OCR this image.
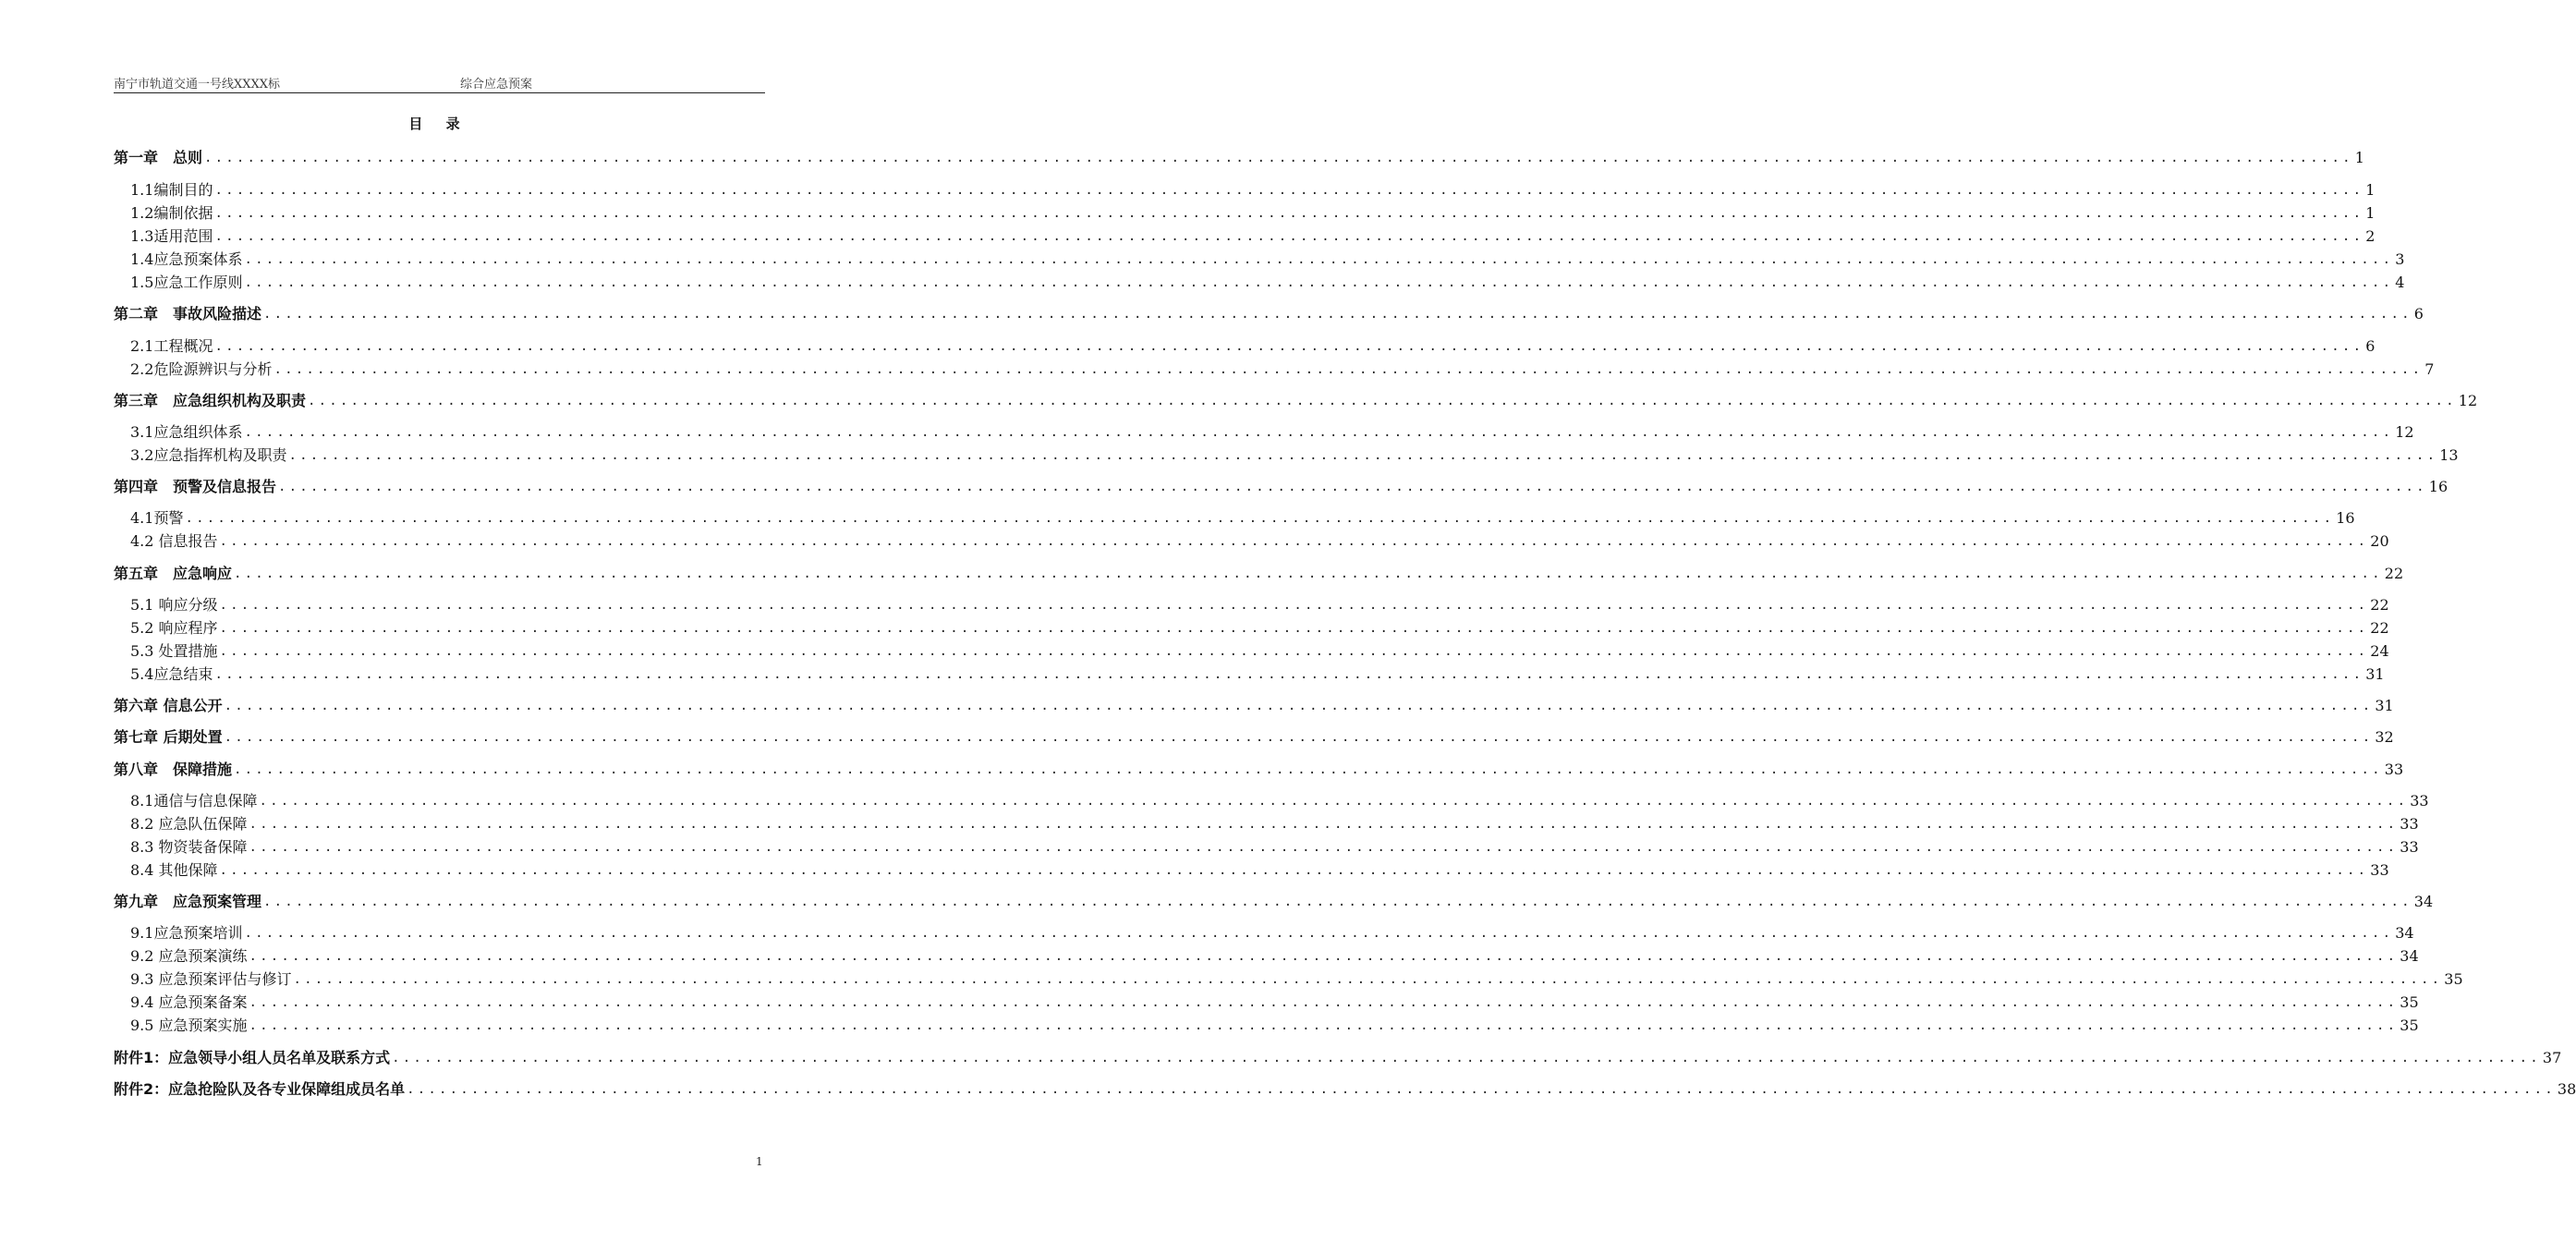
南宁市轨道交通一号线XXXX标	综合应急预案
目 录
第一章　总则 ........................................................................................................................................................................................................ 1
1.1编制目的 ........................................................................................................................................................................................................ 1
1.2编制依据 ........................................................................................................................................................................................................ 1
1.3适用范围 ........................................................................................................................................................................................................ 2
1.4应急预案体系 ........................................................................................................................................................................................................ 3
1.5应急工作原则 ........................................................................................................................................................................................................ 4
第二章　事故风险描述 ........................................................................................................................................................................................................ 6
2.1工程概况 ........................................................................................................................................................................................................ 6
2.2危险源辨识与分析 ........................................................................................................................................................................................................ 7
第三章　应急组织机构及职责 ........................................................................................................................................................................................................ 12
3.1应急组织体系 ........................................................................................................................................................................................................ 12
3.2应急指挥机构及职责 ........................................................................................................................................................................................................ 13
第四章　预警及信息报告 ........................................................................................................................................................................................................ 16
4.1预警 ........................................................................................................................................................................................................ 16
4.2 信息报告 ........................................................................................................................................................................................................ 20
第五章　应急响应 ........................................................................................................................................................................................................ 22
5.1 响应分级 ........................................................................................................................................................................................................ 22
5.2 响应程序 ........................................................................................................................................................................................................ 22
5.3 处置措施 ........................................................................................................................................................................................................ 24
5.4应急结束 ........................................................................................................................................................................................................ 31
第六章 信息公开 ........................................................................................................................................................................................................ 31
第七章 后期处置 ........................................................................................................................................................................................................ 32
第八章　保障措施 ........................................................................................................................................................................................................ 33
8.1通信与信息保障 ........................................................................................................................................................................................................ 33
8.2 应急队伍保障 ........................................................................................................................................................................................................ 33
8.3 物资装备保障 ........................................................................................................................................................................................................ 33
8.4 其他保障 ........................................................................................................................................................................................................ 33
第九章　应急预案管理 ........................................................................................................................................................................................................ 34
9.1应急预案培训 ........................................................................................................................................................................................................ 34
9.2 应急预案演练 ........................................................................................................................................................................................................ 34
9.3 应急预案评估与修订 ........................................................................................................................................................................................................ 35
9.4 应急预案备案 ........................................................................................................................................................................................................ 35
9.5 应急预案实施 ........................................................................................................................................................................................................ 35
附件1：应急领导小组人员名单及联系方式 ........................................................................................................................................................................................................ 37
附件2：应急抢险队及各专业保障组成员名单 ........................................................................................................................................................................................................ 38
1
